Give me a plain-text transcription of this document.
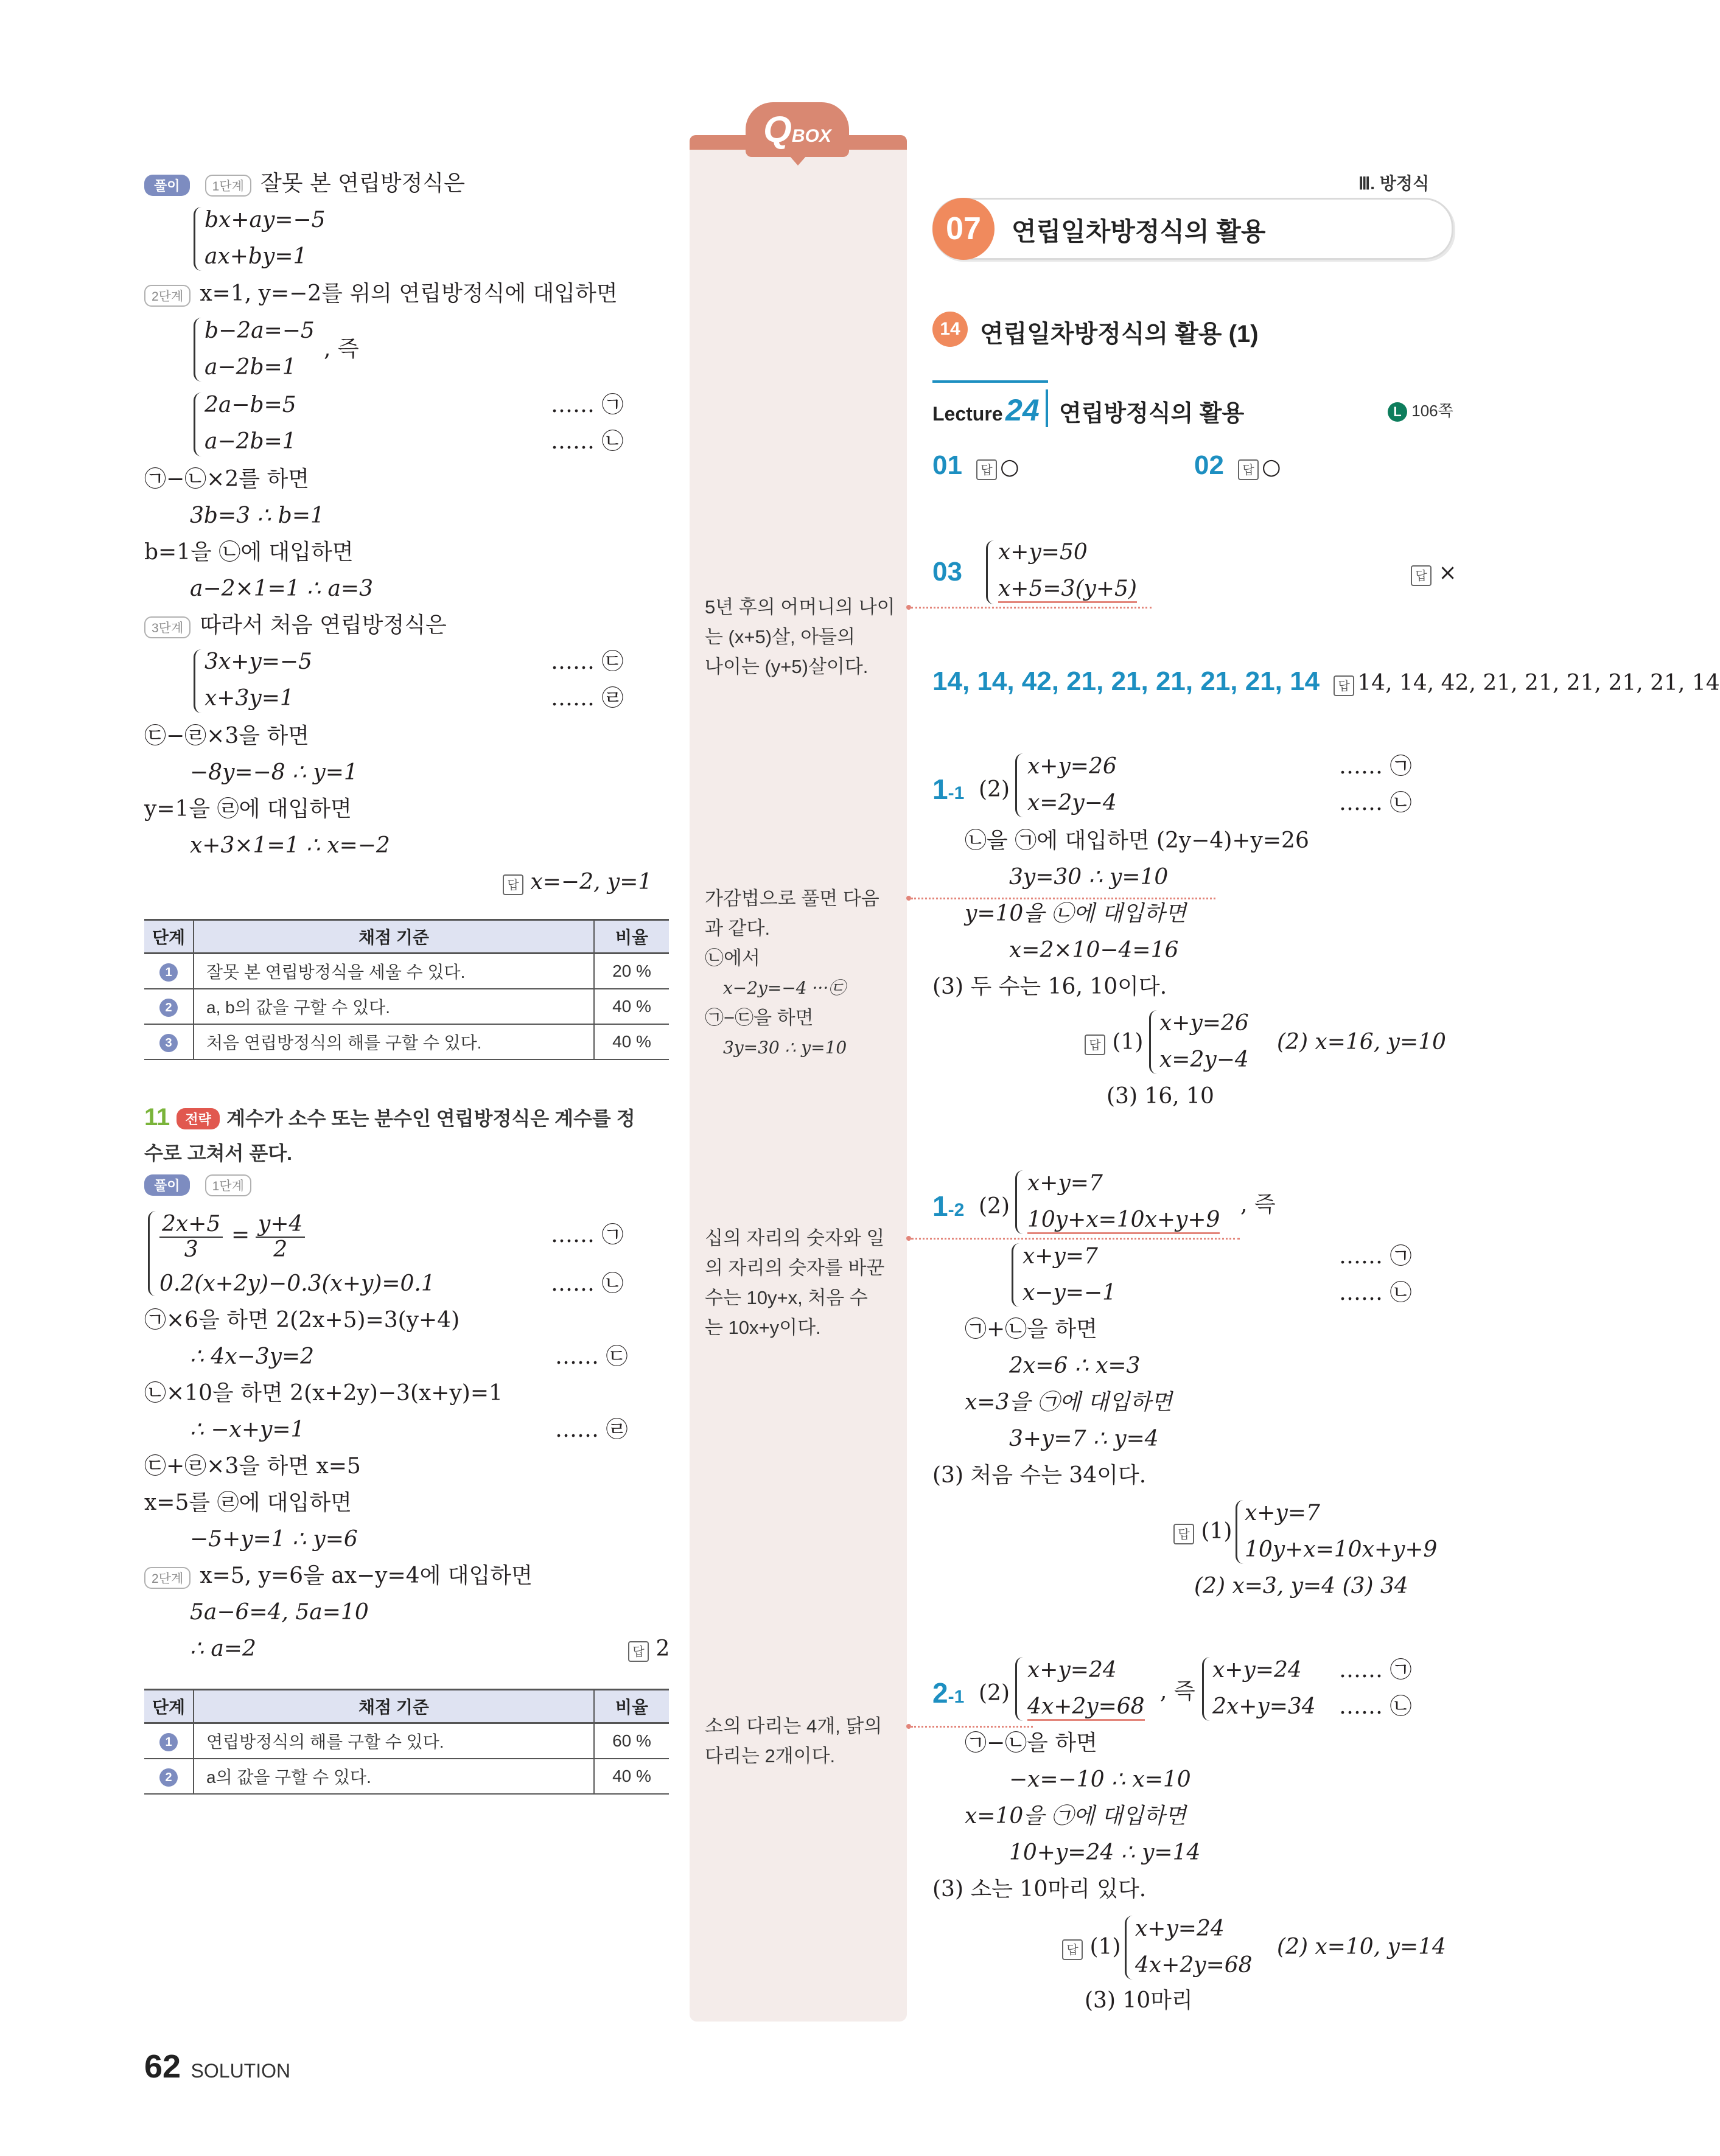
풀이	1단계 잘못 본 연립방정식은
bx+ay=−5
ax+by=1
2단계 x=1, y=−2를 위의 연립방정식에 대입하면
b−2a=−5
a−2b=1
, 즉
2a−b=5
a−2b=1
…… ㉠
…… ㉡
㉠−㉡×2를 하면
3b=3 ∴ b=1
b=1을 ㉡에 대입하면
a−2×1=1 ∴ a=3
3단계 따라서 처음 연립방정식은
3x+y=−5
x+3y=1
…… ㉢
…… ㉣
㉢−㉣×3을 하면
−8y=−8 ∴ y=1
y=1을 ㉣에 대입하면
x+3×1=1 ∴ x=−2
답 x=−2, y=1
단계	채점 기준	비율
1	잘못 본 연립방정식을 세울 수 있다.	20 %
2	a, b의 값을 구할 수 있다.	40 %
3	처음 연립방정식의 해를 구할 수 있다.	40 %
11 전략 계수가 소수 또는 분수인 연립방정식은 계수를 정
수로 고쳐서 푼다.
풀이	1단계
$\frac{2x+5}{3} = \frac{y+4}{2}$
0.2(x+2y)−0.3(x+y)=0.1
…… ㉠
…… ㉡
㉠×6을 하면 2(2x+5)=3(y+4)
∴ 4x−3y=2	…… ㉢
㉡×10을 하면 2(x+2y)−3(x+y)=1
∴ −x+y=1	…… ㉣
㉢+㉣×3을 하면 x=5
x=5를 ㉣에 대입하면
−5+y=1 ∴ y=6
2단계 x=5, y=6을 ax−y=4에 대입하면
5a−6=4, 5a=10
∴ a=2	답 2
단계	채점 기준	비율
1	연립방정식의 해를 구할 수 있다.	60 %
2	a의 값을 구할 수 있다.	40 %
62 SOLUTION
QBOX
5년 후의 어머니의 나이
는 (x+5)살, 아들의
나이는 (y+5)살이다.
가감법으로 풀면 다음
과 같다.
㉡에서
x−2y=−4 ···㉢
㉠−㉢을 하면
3y=30 ∴ y=10
십의 자리의 숫자와 일
의 자리의 숫자를 바꾼
수는 10y+x, 처음 수
는 10x+y이다.
소의 다리는 4개, 닭의
다리는 2개이다.
Ⅲ. 방정식
07	연립일차방정식의 활용
14 연립일차방정식의 활용 (1)
Lecture 24 연립방정식의 활용	L 106쪽
01 답 ○	02 답 ○
03
x+y=50
x+5=3(y+5)
답 ×
14, 14, 42, 21, 21, 21, 21, 21, 14 답 14, 14, 42, 21, 21, 21, 21, 21, 14
1-1 (2)
x+y=26
x=2y−4
…… ㉠
…… ㉡
㉡을 ㉠에 대입하면 (2y−4)+y=26
3y=30 ∴ y=10
y=10을 ㉡에 대입하면
x=2×10−4=16
(3) 두 수는 16, 10이다.
답 (1)
x+y=26
x=2y−4
(2) x=16, y=10
(3) 16, 10
1-2 (2)
x+y=7
10y+x=10x+y+9
, 즉
x+y=7
x−y=−1
…… ㉠
…… ㉡
㉠+㉡을 하면
2x=6 ∴ x=3
x=3을 ㉠에 대입하면
3+y=7 ∴ y=4
(3) 처음 수는 34이다.
답 (1)
x+y=7
10y+x=10x+y+9
(2) x=3, y=4 (3) 34
2-1 (2)
x+y=24
4x+2y=68
, 즉
x+y=24
2x+y=34
…… ㉠
…… ㉡
㉠−㉡을 하면
−x=−10 ∴ x=10
x=10을 ㉠에 대입하면
10+y=24 ∴ y=14
(3) 소는 10마리 있다.
답 (1)
x+y=24
4x+2y=68
(2) x=10, y=14
(3) 10마리
